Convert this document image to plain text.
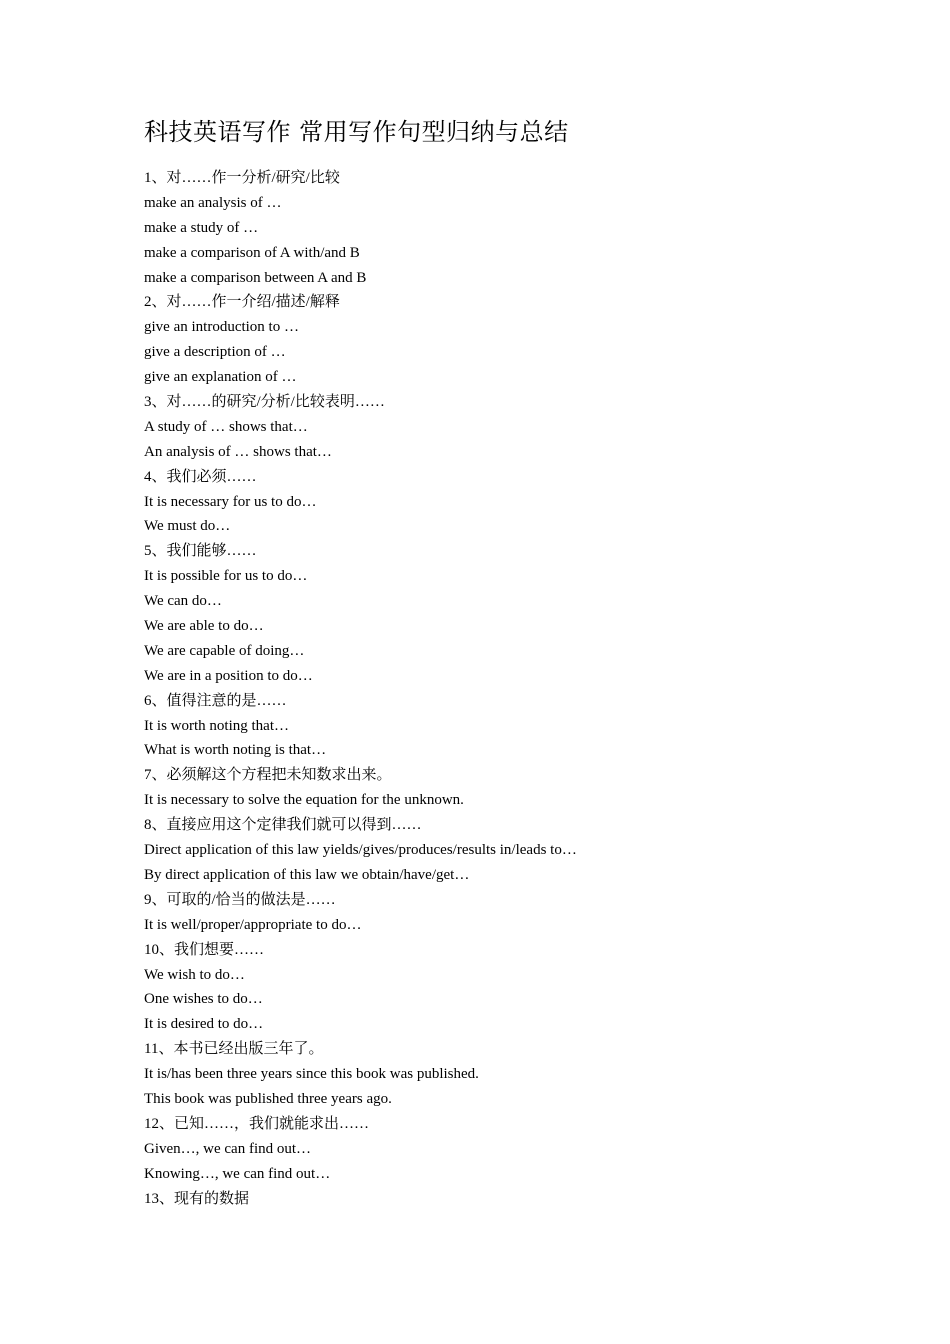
科技英语写作 常用写作句型归纳与总结
1、对……作一分析/研究/比较
make an analysis of …
make a study of …
make a comparison of A with/and B
make a comparison between A and B
2、对……作一介绍/描述/解释
give an introduction to …
give a description of …
give an explanation of …
3、对……的研究/分析/比较表明……
A study of … shows that…
An analysis of … shows that…
4、我们必须……
It is necessary for us to do…
We must do…
5、我们能够……
It is possible for us to do…
We can do…
We are able to do…
We are capable of doing…
We are in a position to do…
6、值得注意的是……
It is worth noting that…
What is worth noting is that…
7、必须解这个方程把未知数求出来。
It is necessary to solve the equation for the unknown.
8、直接应用这个定律我们就可以得到……
Direct application of this law yields/gives/produces/results in/leads to…
By direct application of this law we obtain/have/get…
9、可取的/恰当的做法是……
It is well/proper/appropriate to do…
10、我们想要……
We wish to do…
One wishes to do…
It is desired to do…
11、本书已经出版三年了。
It is/has been three years since this book was published.
This book was published three years ago.
12、已知……，我们就能求出……
Given…, we can find out…
Knowing…, we can find out…
13、现有的数据
